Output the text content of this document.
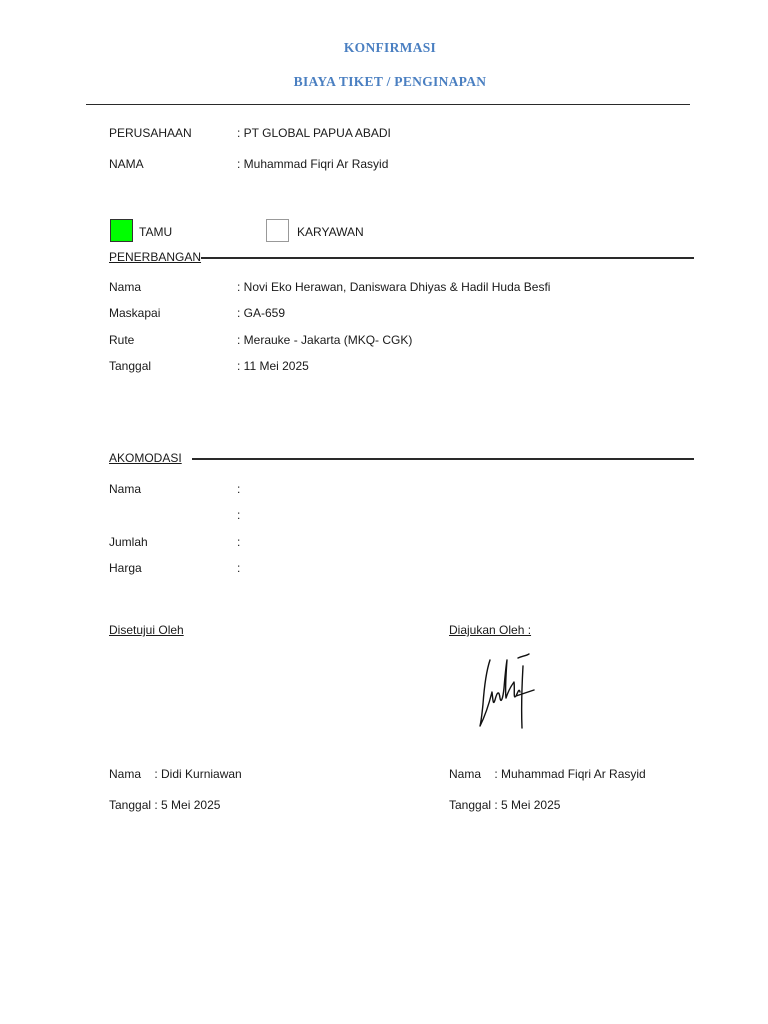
KONFIRMASI
BIAYA TIKET / PENGINAPAN
PERUSAHAAN	: PT GLOBAL PAPUA ABADI
NAMA	: Muhammad Fiqri Ar Rasyid
TAMU	KARYAWAN
PENERBANGAN
Nama	: Novi Eko Herawan, Daniswara Dhiyas & Hadil Huda Besfi
Maskapai	: GA-659
Rute	: Merauke - Jakarta (MKQ- CGK)
Tanggal	: 11 Mei 2025
AKOMODASI
Nama	:
:
Jumlah	:
Harga	:
Disetujui Oleh	Diajukan Oleh :
Nama    : Didi Kurniawan
Tanggal : 5 Mei 2025
Nama    : Muhammad Fiqri Ar Rasyid
Tanggal : 5 Mei 2025
